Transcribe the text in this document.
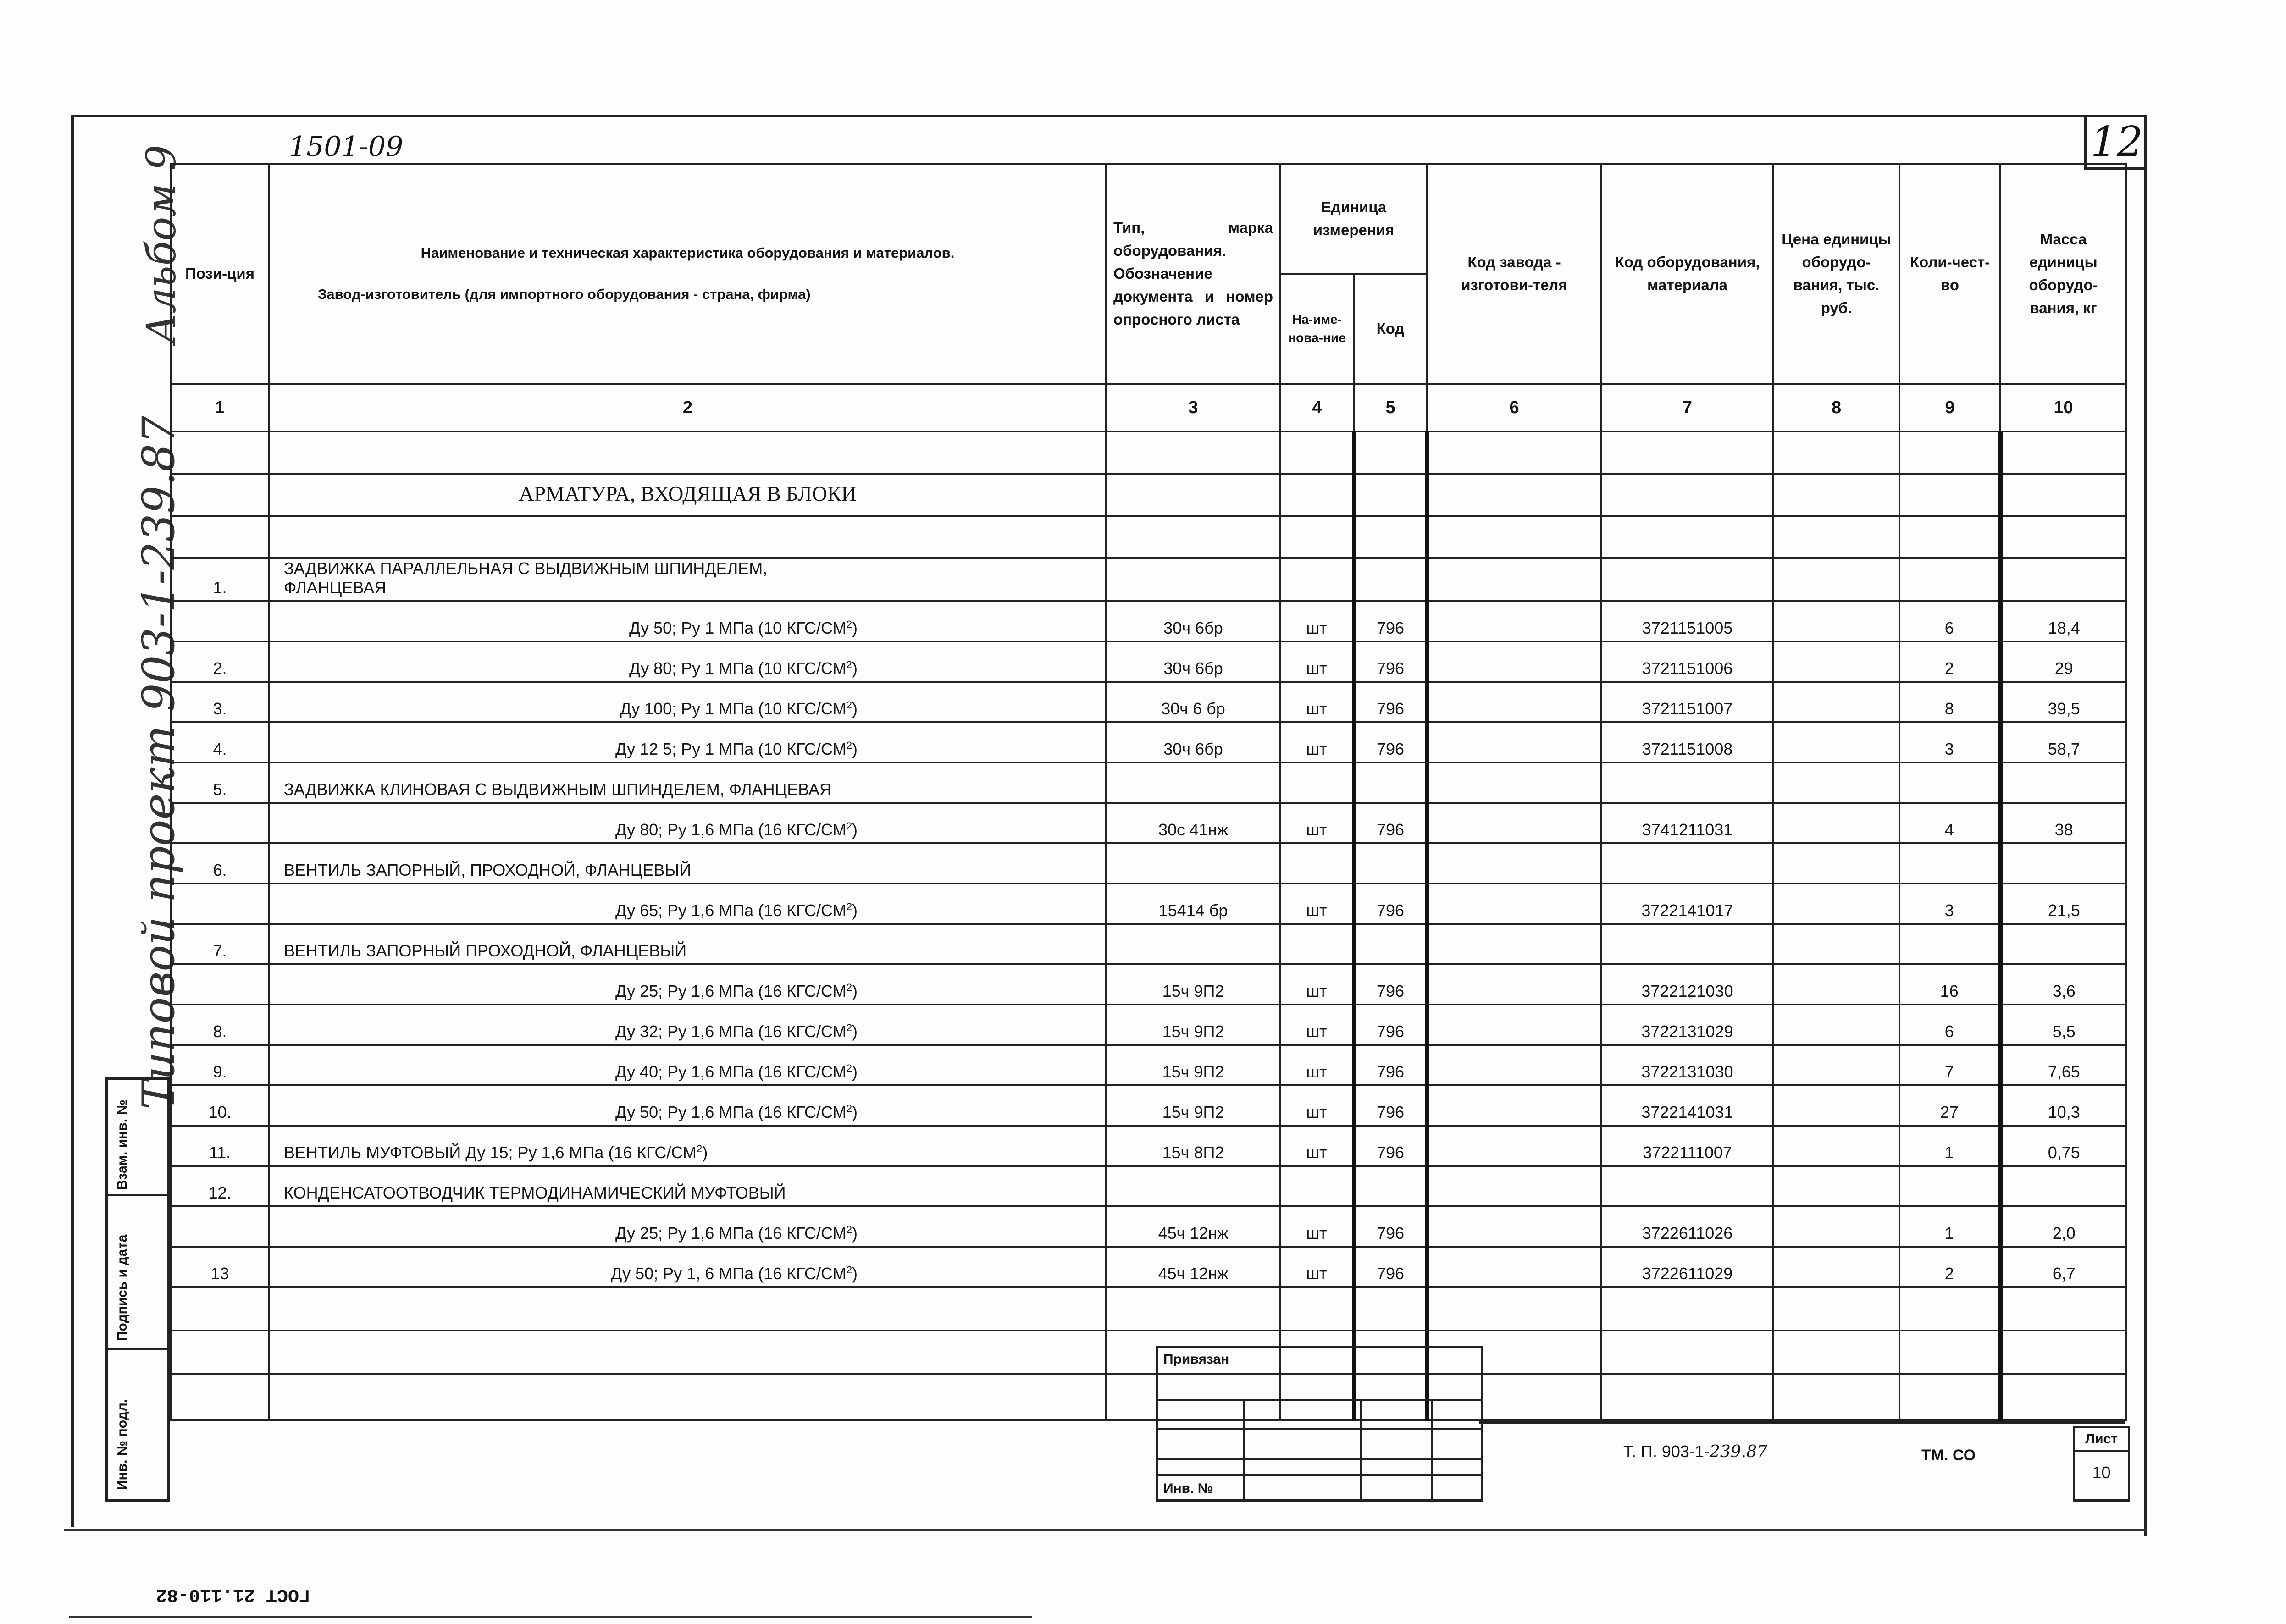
1501-09	12
Альбом 9
Типовой проект 903-1-239.87
Пози-ция	Наименование и техническая характеристика оборудования и материалов.
Завод-изготовитель (для импортного оборудования - страна, фирма)	Тип, марка оборудования. Обозначение документа и номер опросного листа	Единица измерения		Код завода - изготови-теля	Код оборудования, материала	Цена единицы оборудо-вания, тыс. руб.	Коли-чест-во	Масса единицы оборудо-вания, кг
			На-име-нова-ние	Код					
1	2	3	4	5	6	7	8	9	10

	АРМАТУРА, ВХОДЯЩАЯ В БЛОКИ								

1.	ЗАДВИЖКА ПАРАЛЛЕЛЬНАЯ С ВЫДВИЖНЫМ ШПИНДЕЛЕМ, ФЛАНЦЕВАЯ								
	Ду 50; Ру 1 МПа (10 КГС/$СМ^2$)	30ч 6бр	шт	796		3721151005		6	18,4
2.	Ду 80; Ру 1 МПа (10 КГС/$СМ^2$)	30ч 6бр	шт	796		3721151006		2	29
3.	Ду 100; Ру 1 МПа (10 КГС/$СМ^2$)	30ч 6 бр	шт	796		3721151007		8	39,5
4.	Ду 12 5; Ру 1 МПа (10 КГС/$СМ^2$)	30ч 6бр	шт	796		3721151008		3	58,7
5.	ЗАДВИЖКА КЛИНОВАЯ С ВЫДВИЖНЫМ ШПИНДЕЛЕМ, ФЛАНЦЕВАЯ								
	Ду 80; Ру 1,6 МПа (16 КГС/$СМ^2$)	30с 41нж	шт	796		3741211031		4	38
6.	ВЕНТИЛЬ ЗАПОРНЫЙ, ПРОХОДНОЙ, ФЛАНЦЕВЫЙ								
	Ду 65; Ру 1,6 МПа (16 КГС/$СМ^2$)	15414 бр	шт	796		3722141017		3	21,5
7.	ВЕНТИЛЬ ЗАПОРНЫЙ ПРОХОДНОЙ, ФЛАНЦЕВЫЙ								
	Ду 25; Ру 1,6 МПа (16 КГС/$СМ^2$)	15ч 9П2	шт	796		3722121030		16	3,6
8.	Ду 32; Ру 1,6 МПа (16 КГС/$СМ^2$)	15ч 9П2	шт	796		3722131029		6	5,5
9.	Ду 40; Ру 1,6 МПа (16 КГС/$СМ^2$)	15ч 9П2	шт	796		3722131030		7	7,65
10.	Ду 50; Ру 1,6 МПа (16 КГС/$СМ^2$)	15ч 9П2	шт	796		3722141031		27	10,3
11.	ВЕНТИЛЬ МУФТОВЫЙ Ду 15; Ру 1,6 МПа (16 КГС/$СМ^2$)	15ч 8П2	шт	796		3722111007		1	0,75
12.	КОНДЕНСАТООТВОДЧИК ТЕРМОДИНАМИЧЕСКИЙ МУФТОВЫЙ								
	Ду 25; Ру 1,6 МПа (16 КГС/$СМ^2$)	45ч 12нж	шт	796		3722611026		1	2,0
13	Ду 50; Ру 1, 6 МПа (16 КГС/$СМ^2$)	45ч 12нж	шт	796		3722611029		2	6,7

Взам. инв. №
Подпись и дата
Инв. № подл.
Привязан
Инв. №
Т. П. 903-1-239.87	ТМ. СО
Лист
10
ГОСТ 21.110-82
